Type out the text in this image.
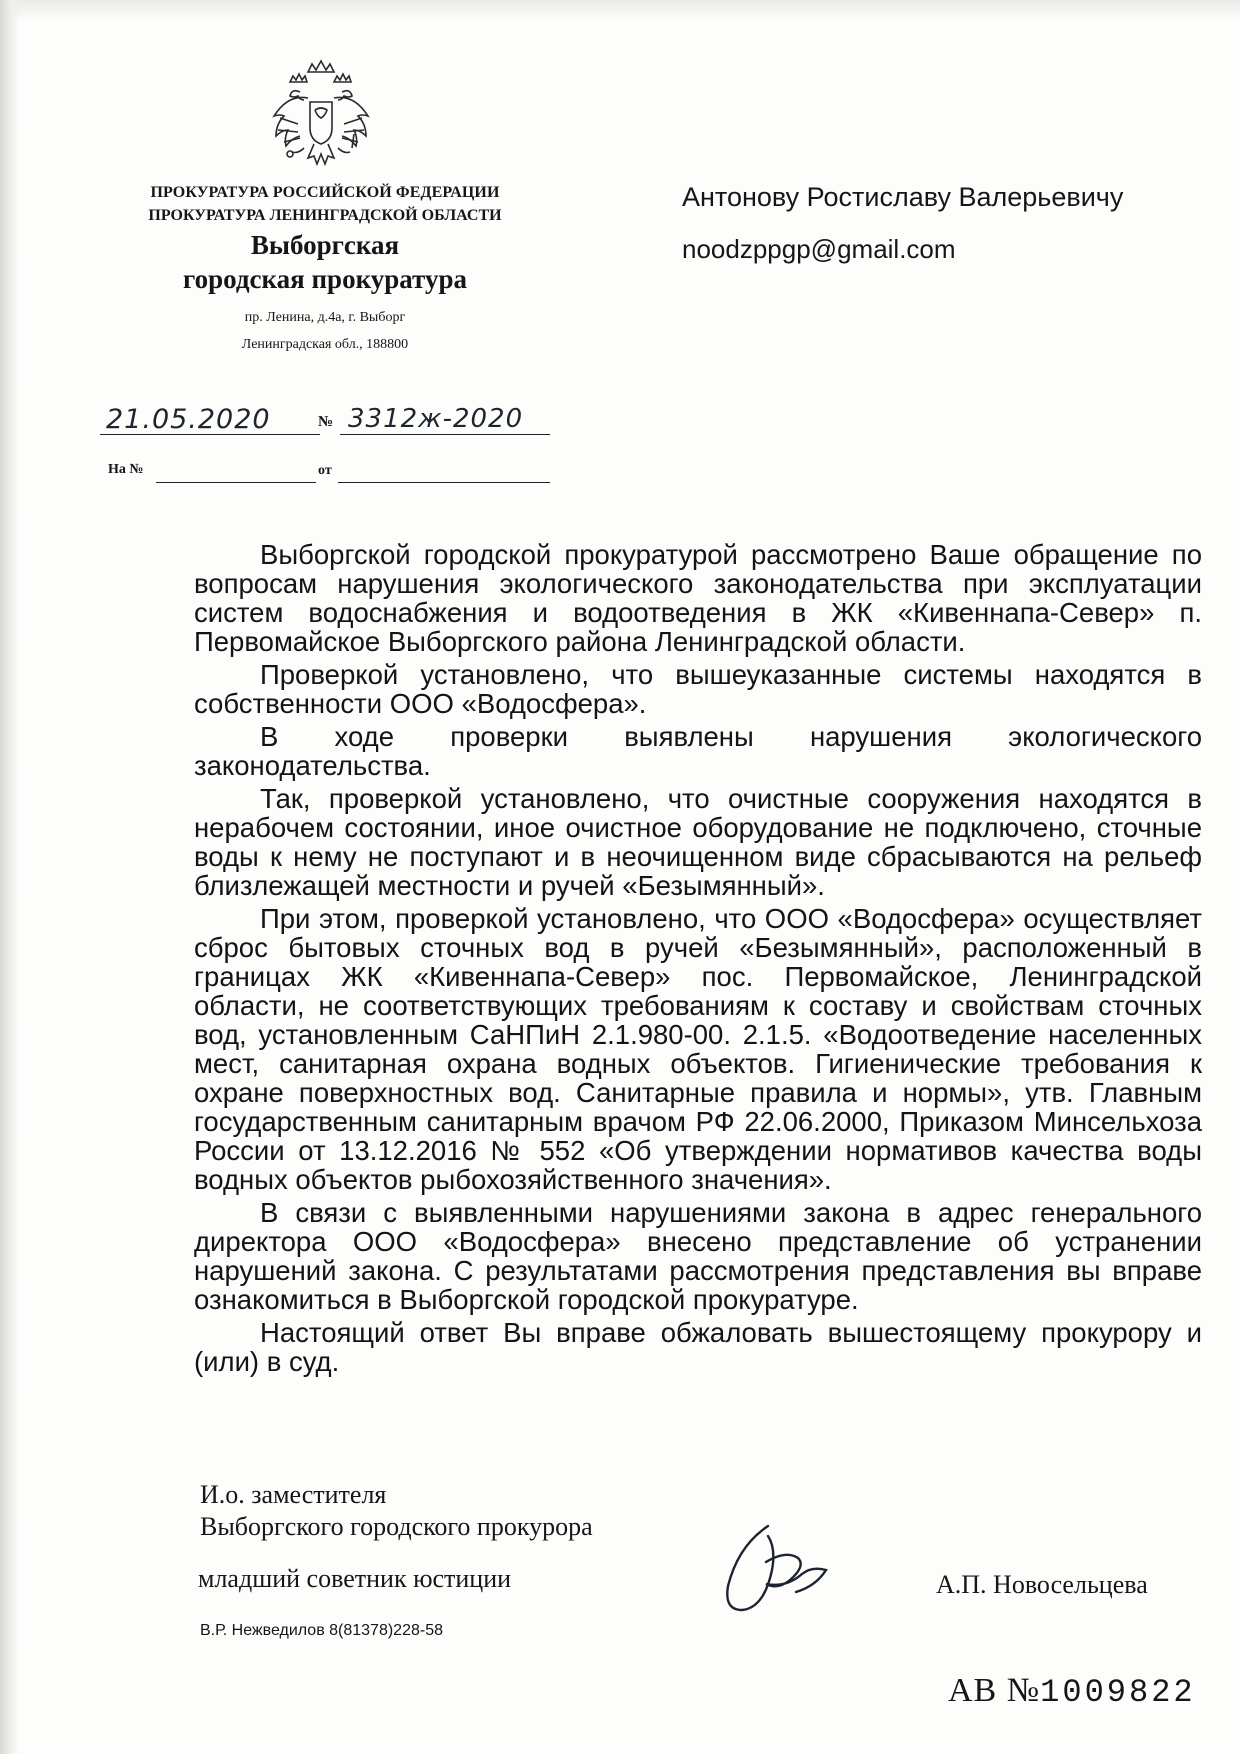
ПРОКУРАТУРА РОССИЙСКОЙ ФЕДЕРАЦИИ
ПРОКУРАТУРА ЛЕНИНГРАДСКОЙ ОБЛАСТИ
Выборгская
городская прокуратура
пр. Ленина, д.4а, г. Выборг
Ленинградская обл., 188800
21.05.2020	№ 3312ж-2020
На №	от
Антонову Ростиславу Валерьевичу
noodzppgp@gmail.com

Выборгской городской прокуратурой рассмотрено Ваше обращение по вопросам нарушения экологического законодательства при эксплуатации систем водоснабжения и водоотведения в ЖК «Кивеннапа-Север» п. Первомайское Выборгского района Ленинградской области.

Проверкой установлено, что вышеуказанные системы находятся в собственности ООО «Водосфера».

В ходе проверки выявлены нарушения экологического законодательства.

Так, проверкой установлено, что очистные сооружения находятся в нерабочем состоянии, иное очистное оборудование не подключено, сточные воды к нему не поступают и в неочищенном виде сбрасываются на рельеф близлежащей местности и ручей «Безымянный».

При этом, проверкой установлено, что ООО «Водосфера» осуществляет сброс бытовых сточных вод в ручей «Безымянный», расположенный в границах ЖК «Кивеннапа-Север» пос. Первомайское, Ленинградской области, не соответствующих требованиям к составу и свойствам сточных вод, установленным СаНПиН 2.1.980-00. 2.1.5. «Водоотведение населенных мест, санитарная охрана водных объектов. Гигиенические требования к охране поверхностных вод. Санитарные правила и нормы», утв. Главным государственным санитарным врачом РФ 22.06.2000, Приказом Минсельхоза России от 13.12.2016 № 552 «Об утверждении нормативов качества воды водных объектов рыбохозяйственного значения».

В связи с выявленными нарушениями закона в адрес генерального директора ООО «Водосфера» внесено представление об устранении нарушений закона. С результатами рассмотрения представления вы вправе ознакомиться в Выборгской городской прокуратуре.

Настоящий ответ Вы вправе обжаловать вышестоящему прокурору и (или) в суд.

И.о. заместителя
Выборгского городского прокурора
младший советник юстиции	А.П. Новосельцева
В.Р. Нежведилов 8(81378)228-58
АВ №1009822
